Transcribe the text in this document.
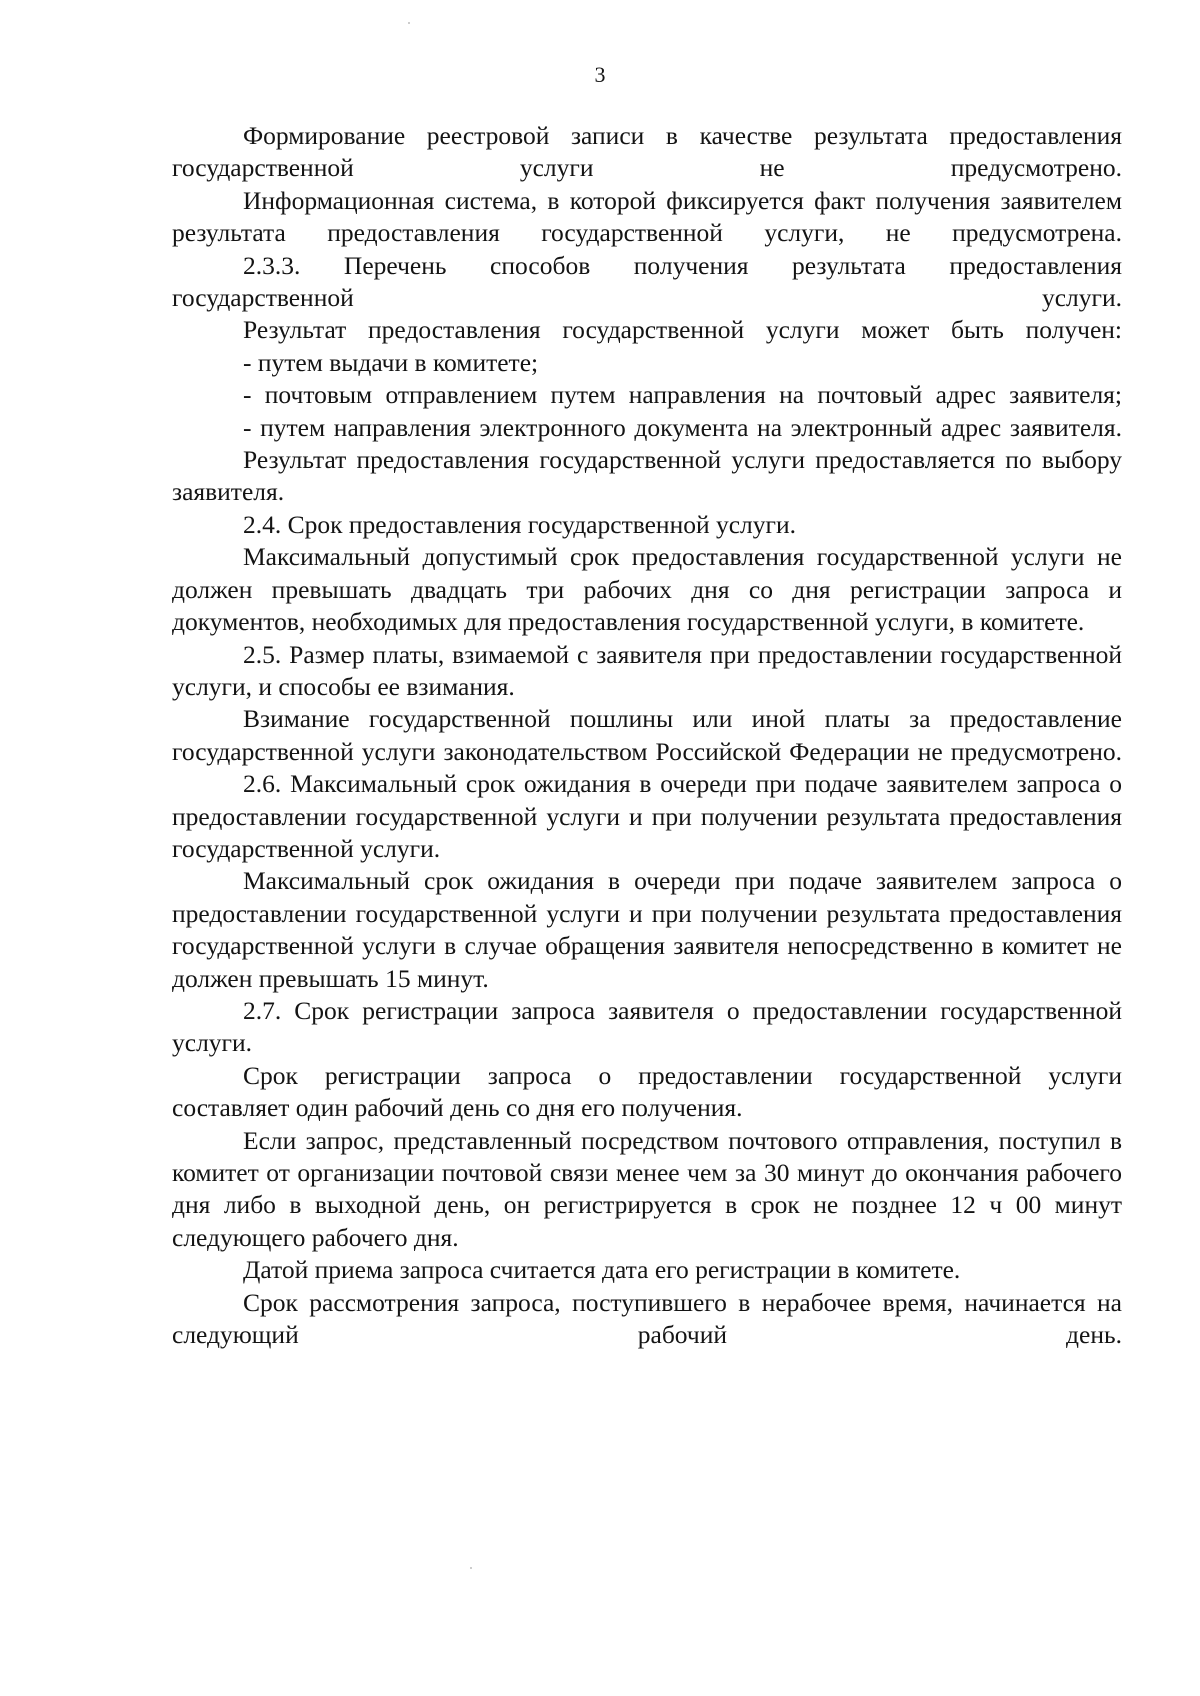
3

Формирование реестровой записи в качестве результата предоставления государственной услуги не предусмотрено.

Информационная система, в которой фиксируется факт получения заявителем результата предоставления государственной услуги, не предусмотрена.

2.3.3. Перечень способов получения результата предоставления государственной услуги.

Результат предоставления государственной услуги может быть получен:

- путем выдачи в комитете;

- почтовым отправлением путем направления на почтовый адрес заявителя;

- путем направления электронного документа на электронный адрес заявителя.

Результат предоставления государственной услуги предоставляется по выбору заявителя.

2.4. Срок предоставления государственной услуги.

Максимальный допустимый срок предоставления государственной услуги не должен превышать двадцать три рабочих дня со дня регистрации запроса и документов, необходимых для предоставления государственной услуги, в комитете.

2.5. Размер платы, взимаемой с заявителя при предоставлении государственной услуги, и способы ее взимания.

Взимание государственной пошлины или иной платы за предоставление государственной услуги законодательством Российской Федерации не предусмотрено.

2.6. Максимальный срок ожидания в очереди при подаче заявителем запроса о предоставлении государственной услуги и при получении результата предоставления государственной услуги.

Максимальный срок ожидания в очереди при подаче заявителем запроса о предоставлении государственной услуги и при получении результата предоставления государственной услуги в случае обращения заявителя непосредственно в комитет не должен превышать 15 минут.

2.7. Срок регистрации запроса заявителя о предоставлении государственной услуги.

Срок регистрации запроса о предоставлении государственной услуги составляет один рабочий день со дня его получения.

Если запрос, представленный посредством почтового отправления, поступил в комитет от организации почтовой связи менее чем за 30 минут до окончания рабочего дня либо в выходной день, он регистрируется в срок не позднее 12 ч 00 минут следующего рабочего дня.

Датой приема запроса считается дата его регистрации в комитете.

Срок рассмотрения запроса, поступившего в нерабочее время, начинается на следующий рабочий день.
